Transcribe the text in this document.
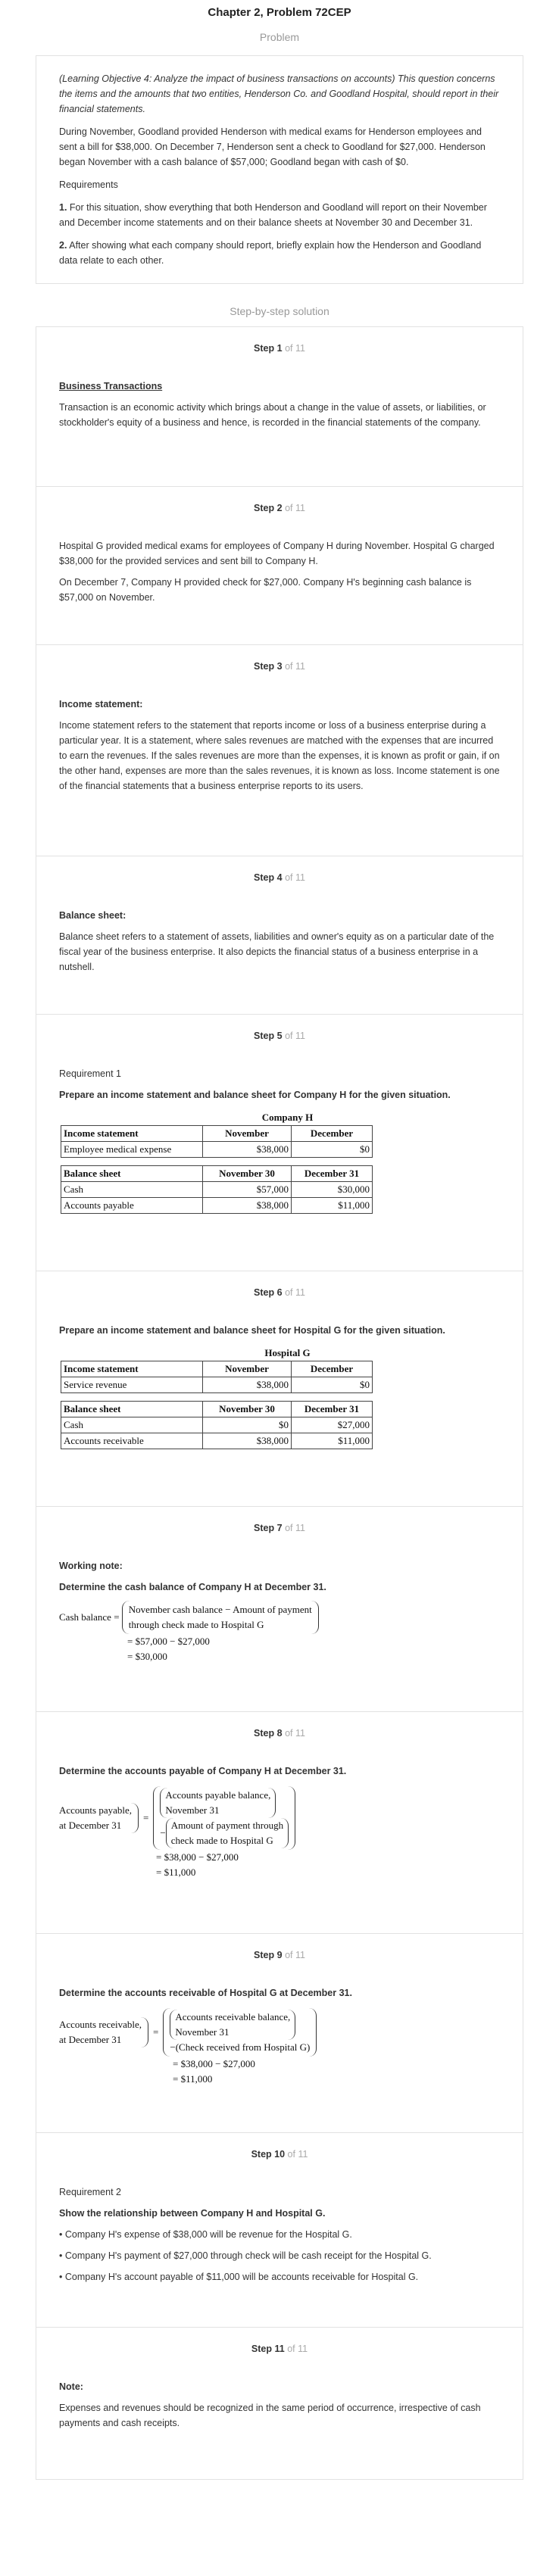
Chapter 2, Problem 72CEP
Problem

(Learning Objective 4: Analyze the impact of business transactions on accounts) This question concerns the items and the amounts that two entities, Henderson Co. and Goodland Hospital, should report in their financial statements.

During November, Goodland provided Henderson with medical exams for Henderson employees and sent a bill for $38,000. On December 7, Henderson sent a check to Goodland for $27,000. Henderson began November with a cash balance of $57,000; Goodland began with cash of $0.

Requirements

1. For this situation, show everything that both Henderson and Goodland will report on their November and December income statements and on their balance sheets at November 30 and December 31.

2. After showing what each company should report, briefly explain how the Henderson and Goodland data relate to each other.

Step-by-step solution
Step 1 of 11

Business Transactions

Transaction is an economic activity which brings about a change in the value of assets, or liabilities, or stockholder's equity of a business and hence, is recorded in the financial statements of the company.

Step 2 of 11

Hospital G provided medical exams for employees of Company H during November. Hospital G charged $38,000 for the provided services and sent bill to Company H.

On December 7, Company H provided check for $27,000. Company H's beginning cash balance is $57,000 on November.

Step 3 of 11

Income statement:

Income statement refers to the statement that reports income or loss of a business enterprise during a particular year. It is a statement, where sales revenues are matched with the expenses that are incurred to earn the revenues. If the sales revenues are more than the expenses, it is known as profit or gain, if on the other hand, expenses are more than the sales revenues, it is known as loss. Income statement is one of the financial statements that a business enterprise reports to its users.

Step 4 of 11

Balance sheet:

Balance sheet refers to a statement of assets, liabilities and owner's equity as on a particular date of the fiscal year of the business enterprise. It also depicts the financial status of a business enterprise in a nutshell.

Step 5 of 11

Requirement 1

Prepare an income statement and balance sheet for Company H for the given situation.

	Company H	
Income statement	November	December
Employee medical expense	$38,000	$0

Balance sheet	November 30	December 31
Cash	$57,000	$30,000
Accounts payable	$38,000	$11,000
Step 6 of 11

Prepare an income statement and balance sheet for Hospital G for the given situation.

	Hospital G	
Income statement	November	December
Service revenue	$38,000	$0

Balance sheet	November 30	December 31
Cash	$0	$27,000
Accounts receivable	$38,000	$11,000
Step 7 of 11

Working note:

Determine the cash balance of Company H at December 31.

Cash balance =
November cash balance − Amount of payment
through check made to Hospital G
= $57,000 − $27,000
= $30,000
Step 8 of 11

Determine the accounts payable of Company H at December 31.

Accounts payable,
at December 31
=
Accounts payable balance,
November 31
−
Amount of payment through
check made to Hospital G
= $38,000 − $27,000
= $11,000
Step 9 of 11

Determine the accounts receivable of Hospital G at December 31.

Accounts receivable,
at December 31
=
Accounts receivable balance,
November 31
−(Check received from Hospital G)
= $38,000 − $27,000
= $11,000
Step 10 of 11

Requirement 2

Show the relationship between Company H and Hospital G.

• Company H's expense of $38,000 will be revenue for the Hospital G.

• Company H's payment of $27,000 through check will be cash receipt for the Hospital G.

• Company H's account payable of $11,000 will be accounts receivable for Hospital G.

Step 11 of 11

Note:

Expenses and revenues should be recognized in the same period of occurrence, irrespective of cash payments and cash receipts.
